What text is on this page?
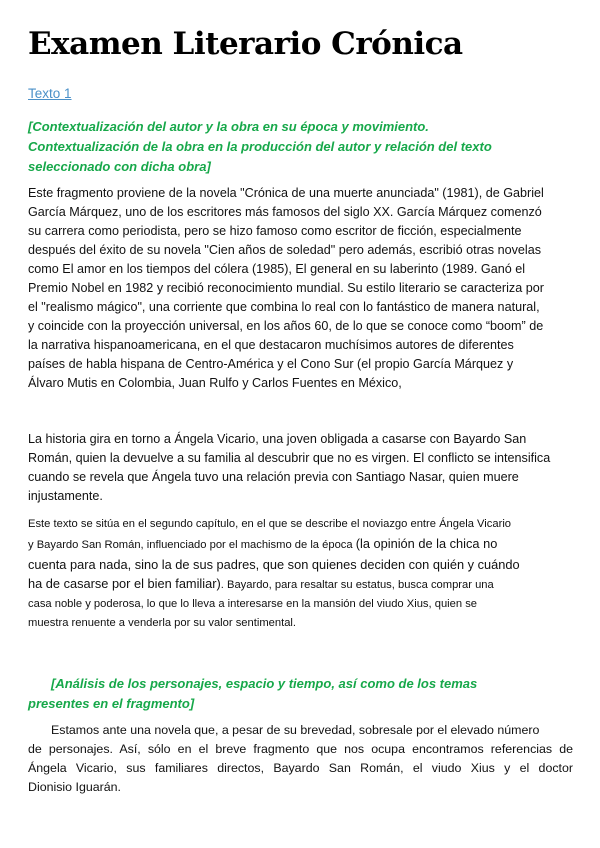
Examen Literario Crónica
Texto 1
[Contextualización del autor y la obra en su época y movimiento.
Contextualización de la obra en la producción del autor y relación del texto
seleccionado con dicha obra]
Este fragmento proviene de la novela "Crónica de una muerte anunciada" (1981), de Gabriel
García Márquez, uno de los escritores más famosos del siglo XX. García Márquez comenzó
su carrera como periodista, pero se hizo famoso como escritor de ficción, especialmente
después del éxito de su novela "Cien años de soledad" pero además, escribió otras novelas
como El amor en los tiempos del cólera (1985), El general en su laberinto (1989. Ganó el
Premio Nobel en 1982 y recibió reconocimiento mundial. Su estilo literario se caracteriza por
el "realismo mágico", una corriente que combina lo real con lo fantástico de manera natural,
y coincide con la proyección universal, en los años 60, de lo que se conoce como “boom” de
la narrativa hispanoamericana, en el que destacaron muchísimos autores de diferentes
países de habla hispana de Centro-América y el Cono Sur (el propio García Márquez y
Álvaro Mutis en Colombia, Juan Rulfo y Carlos Fuentes en México,
La historia gira en torno a Ángela Vicario, una joven obligada a casarse con Bayardo San
Román, quien la devuelve a su familia al descubrir que no es virgen. El conflicto se intensifica
cuando se revela que Ángela tuvo una relación previa con Santiago Nasar, quien muere
injustamente.
Este texto se sitúa en el segundo capítulo, en el que se describe el noviazgo entre Ángela Vicario
y Bayardo San Román, influenciado por el machismo de la época (la opinión de la chica no
cuenta para nada, sino la de sus padres, que son quienes deciden con quién y cuándo
ha de casarse por el bien familiar). Bayardo, para resaltar su estatus, busca comprar una
casa noble y poderosa, lo que lo lleva a interesarse en la mansión del viudo Xius, quien se
muestra renuente a venderla por su valor sentimental.
[Análisis de los personajes, espacio y tiempo, así como de los temas
presentes en el fragmento]
Estamos ante una novela que, a pesar de su brevedad, sobresale por el elevado número
de personajes. Así, sólo en el breve fragmento que nos ocupa encontramos referencias de
Ángela Vicario, sus familiares directos, Bayardo San Román, el viudo Xius y el doctor
Dionisio Iguarán.
